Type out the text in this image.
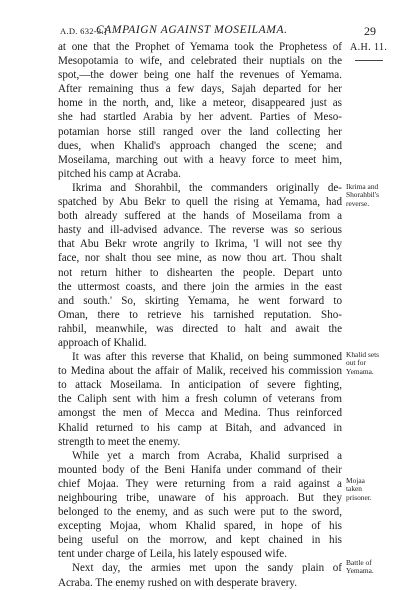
A.D. 632-3.]
CAMPAIGN AGAINST MOSEILAMA.	29
A.H. 11.
at one that the Prophet of Yemama took the Prophetess of
Mesopotamia to wife, and celebrated their nuptials on the
spot,—the dower being one half the revenues of Yemama.
After remaining thus a few days, Sajah departed for her
home in the north, and, like a meteor, disappeared just as
she had startled Arabia by her advent. Parties of Meso-
potamian horse still ranged over the land collecting her
dues, when Khalid's approach changed the scene; and
Moseilama, marching out with a heavy force to meet him,
pitched his camp at Acraba.
Ikrima and Shorahbil, the commanders originally de-
spatched by Abu Bekr to quell the rising at Yemama, had
both already suffered at the hands of Moseilama from a
hasty and ill-advised advance. The reverse was so serious
that Abu Bekr wrote angrily to Ikrima, 'I will not see thy
face, nor shalt thou see mine, as now thou art. Thou shalt
not return hither to dishearten the people. Depart unto
the uttermost coasts, and there join the armies in the east
and south.' So, skirting Yemama, he went forward to
Oman, there to retrieve his tarnished reputation. Sho-
rahbil, meanwhile, was directed to halt and await the
approach of Khalid.
It was after this reverse that Khalid, on being summoned
to Medina about the affair of Malik, received his commission
to attack Moseilama. In anticipation of severe fighting,
the Caliph sent with him a fresh column of veterans from
amongst the men of Mecca and Medina. Thus reinforced
Khalid returned to his camp at Bitah, and advanced in
strength to meet the enemy.
While yet a march from Acraba, Khalid surprised a
mounted body of the Beni Hanifa under command of their
chief Mojaa. They were returning from a raid against a
neighbouring tribe, unaware of his approach. But they
belonged to the enemy, and as such were put to the sword,
excepting Mojaa, whom Khalid spared, in hope of his
being useful on the morrow, and kept chained in his
tent under charge of Leila, his lately espoused wife.
Next day, the armies met upon the sandy plain of
Acraba. The enemy rushed on with desperate bravery.
Ikrima and
Shorahbil's
reverse.
Khalid sets
out for
Yemama.
Mojaa
taken
prisoner.
Battle of
Yemama.
